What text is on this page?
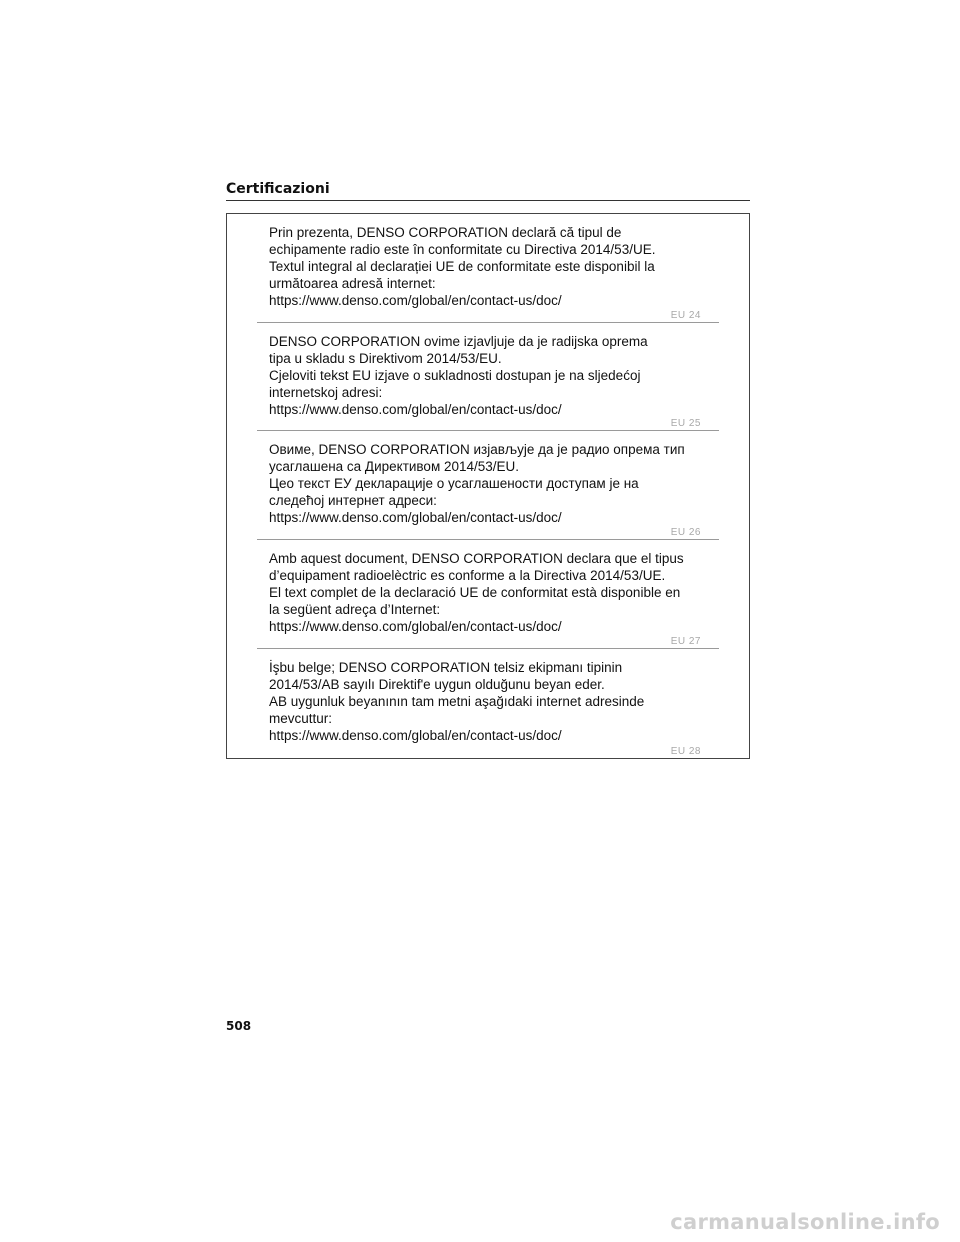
Certificazioni
Prin prezenta, DENSO CORPORATION declară că tipul de
echipamente radio este în conformitate cu Directiva 2014/53/UE.
Textul integral al declarației UE de conformitate este disponibil la
următoarea adresă internet:
https://www.denso.com/global/en/contact-us/doc/
EU 24
DENSO CORPORATION ovime izjavljuje da je radijska oprema
tipa u skladu s Direktivom 2014/53/EU.
Cjeloviti tekst EU izjave o sukladnosti dostupan je na sljedećoj
internetskoj adresi:
https://www.denso.com/global/en/contact-us/doc/
EU 25
Овиме, DENSO CORPORATION изјављује да је радио опрема тип
усаглашена са Директивом 2014/53/EU.
Цео текст ЕУ декларације о усаглашености доступам је на
следећој интернет адреси:
https://www.denso.com/global/en/contact-us/doc/
EU 26
Amb aquest document, DENSO CORPORATION declara que el tipus
d’equipament radioelèctric es conforme a la Directiva 2014/53/UE.
El text complet de la declaració UE de conformitat està disponible en
la següent adreça d’Internet:
https://www.denso.com/global/en/contact-us/doc/
EU 27
İşbu belge; DENSO CORPORATION telsiz ekipmanı tipinin
2014/53/AB sayılı Direktif'e uygun olduğunu beyan eder.
AB uygunluk beyanının tam metni aşağıdaki internet adresinde
mevcuttur:
https://www.denso.com/global/en/contact-us/doc/
EU 28
508
carmanualsonline.info
